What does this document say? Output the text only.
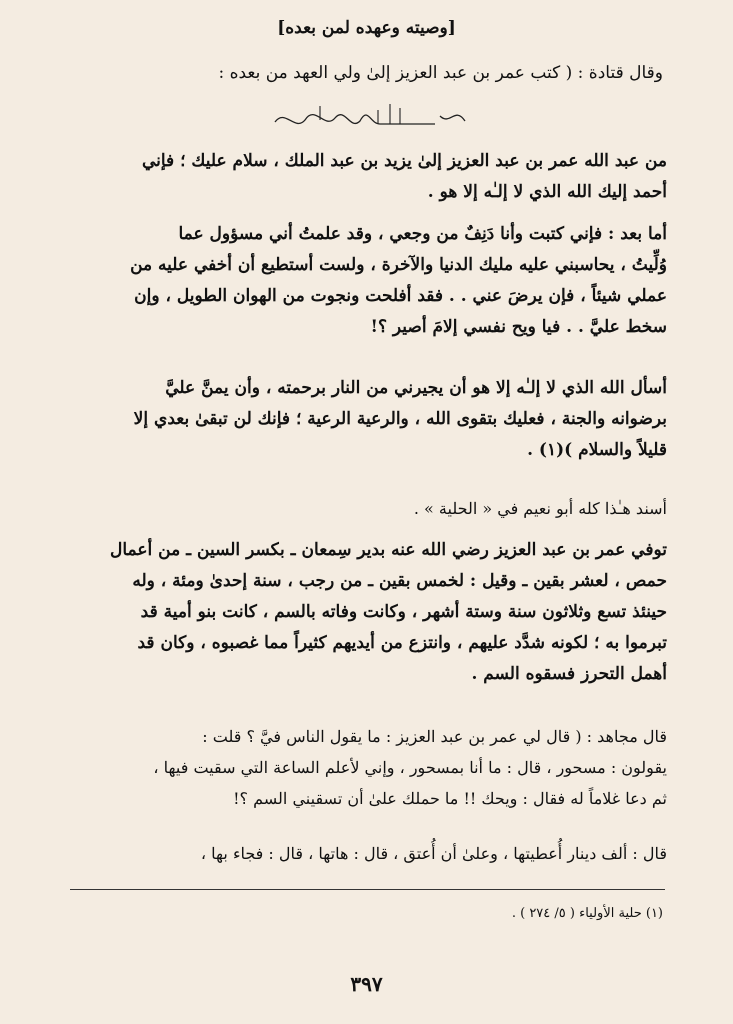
[وصيته وعهده لمن بعده]
وقال قتادة : ( كتب عمر بن عبد العزيز إلىٰ ولي العهد من بعده :
من عبد الله عمر بن عبد العزيز إلىٰ يزيد بن عبد الملك ، سلام عليك ؛ فإني
أحمد إليك الله الذي لا إلـٰه إلا هو .
أما بعد : فإني كتبت وأنا دَنِفٌ من وجعي ، وقد علمتُ أني مسؤول عما
وُلِّيتُ ، يحاسبني عليه مليك الدنيا والآخرة ، ولست أستطيع أن أخفي عليه من
عملي شيئاً ، فإن يرضَ عني . . فقد أفلحت ونجوت من الهوان الطويل ، وإن
سخط عليَّ . . فيا ويح نفسي إلامَ أصير ؟!
أسأل الله الذي لا إلـٰه إلا هو أن يجيرني من النار برحمته ، وأن يمنَّ عليَّ
برضوانه والجنة ، فعليك بتقوى الله ، والرعية الرعية ؛ فإنك لن تبقىٰ بعدي إلا
قليلاً والسلام )(١) .
أسند هـٰذا كله أبو نعيم في « الحلية » .
توفي عمر بن عبد العزيز رضي الله عنه بدير سِمعان ـ بكسر السين ـ من أعمال
حمص ، لعشر بقين ـ وقيل : لخمس بقين ـ من رجب ، سنة إحدىٰ ومئة ، وله
حينئذ تسع وثلاثون سنة وستة أشهر ، وكانت وفاته بالسم ، كانت بنو أمية قد
تبرموا به ؛ لكونه شدَّد عليهم ، وانتزع من أيديهم كثيراً مما غصبوه ، وكان قد
أهمل التحرز فسقوه السم .
قال مجاهد : ( قال لي عمر بن عبد العزيز : ما يقول الناس فيَّ ؟ قلت :
يقولون : مسحور ، قال : ما أنا بمسحور ، وإني لأعلم الساعة التي سقيت فيها ،
ثم دعا غلاماً له فقال : ويحك !! ما حملك علىٰ أن تسقيني السم ؟!
قال : ألف دينار أُعطيتها ، وعلىٰ أن أُعتق ، قال : هاتها ، قال : فجاء بها ،
(١) حلية الأولياء ( ٥/ ٢٧٤ ) .
٣٩٧
